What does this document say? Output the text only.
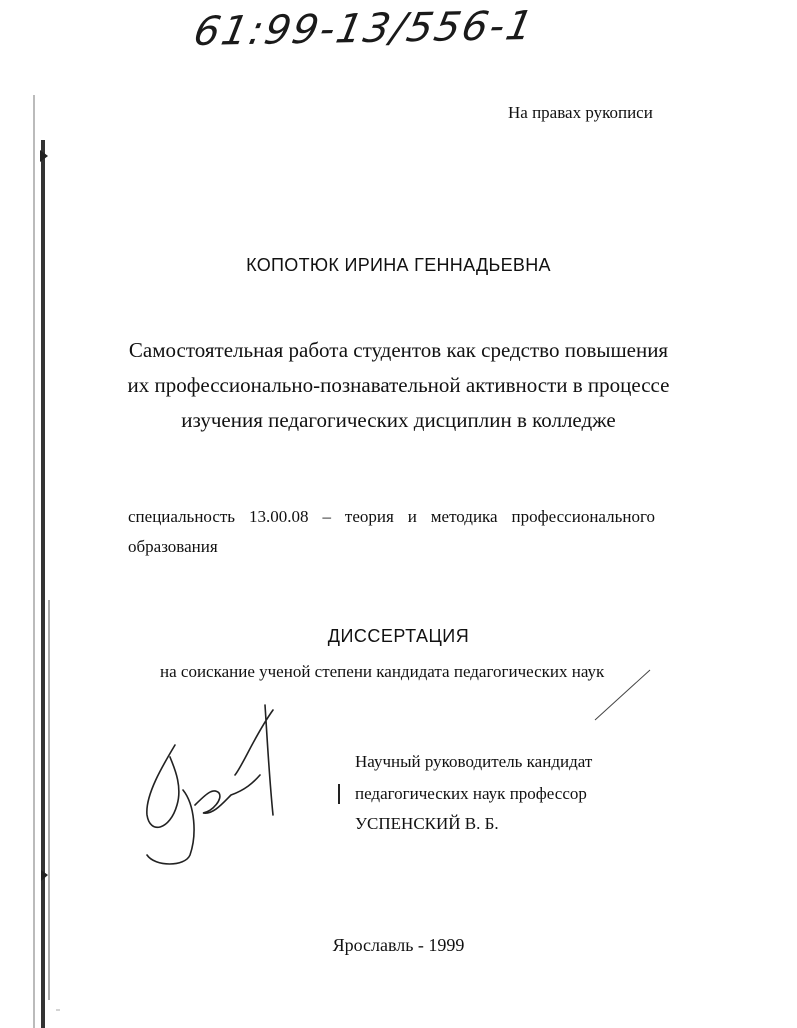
61:99-13/556-1
На правах рукописи
КОПОТЮК ИРИНА ГЕННАДЬЕВНА
Самостоятельная работа студентов как средство повышения
их профессионально-познавательной активности в процессе
изучения педагогических дисциплин в колледже
специальность 13.00.08 – теория и методика профессионального
образования
ДИССЕРТАЦИЯ
на соискание ученой степени кандидата педагогических наук
Научный руководитель кандидат
педагогических наук профессор
УСПЕНСКИЙ В. Б.
Ярославль - 1999
